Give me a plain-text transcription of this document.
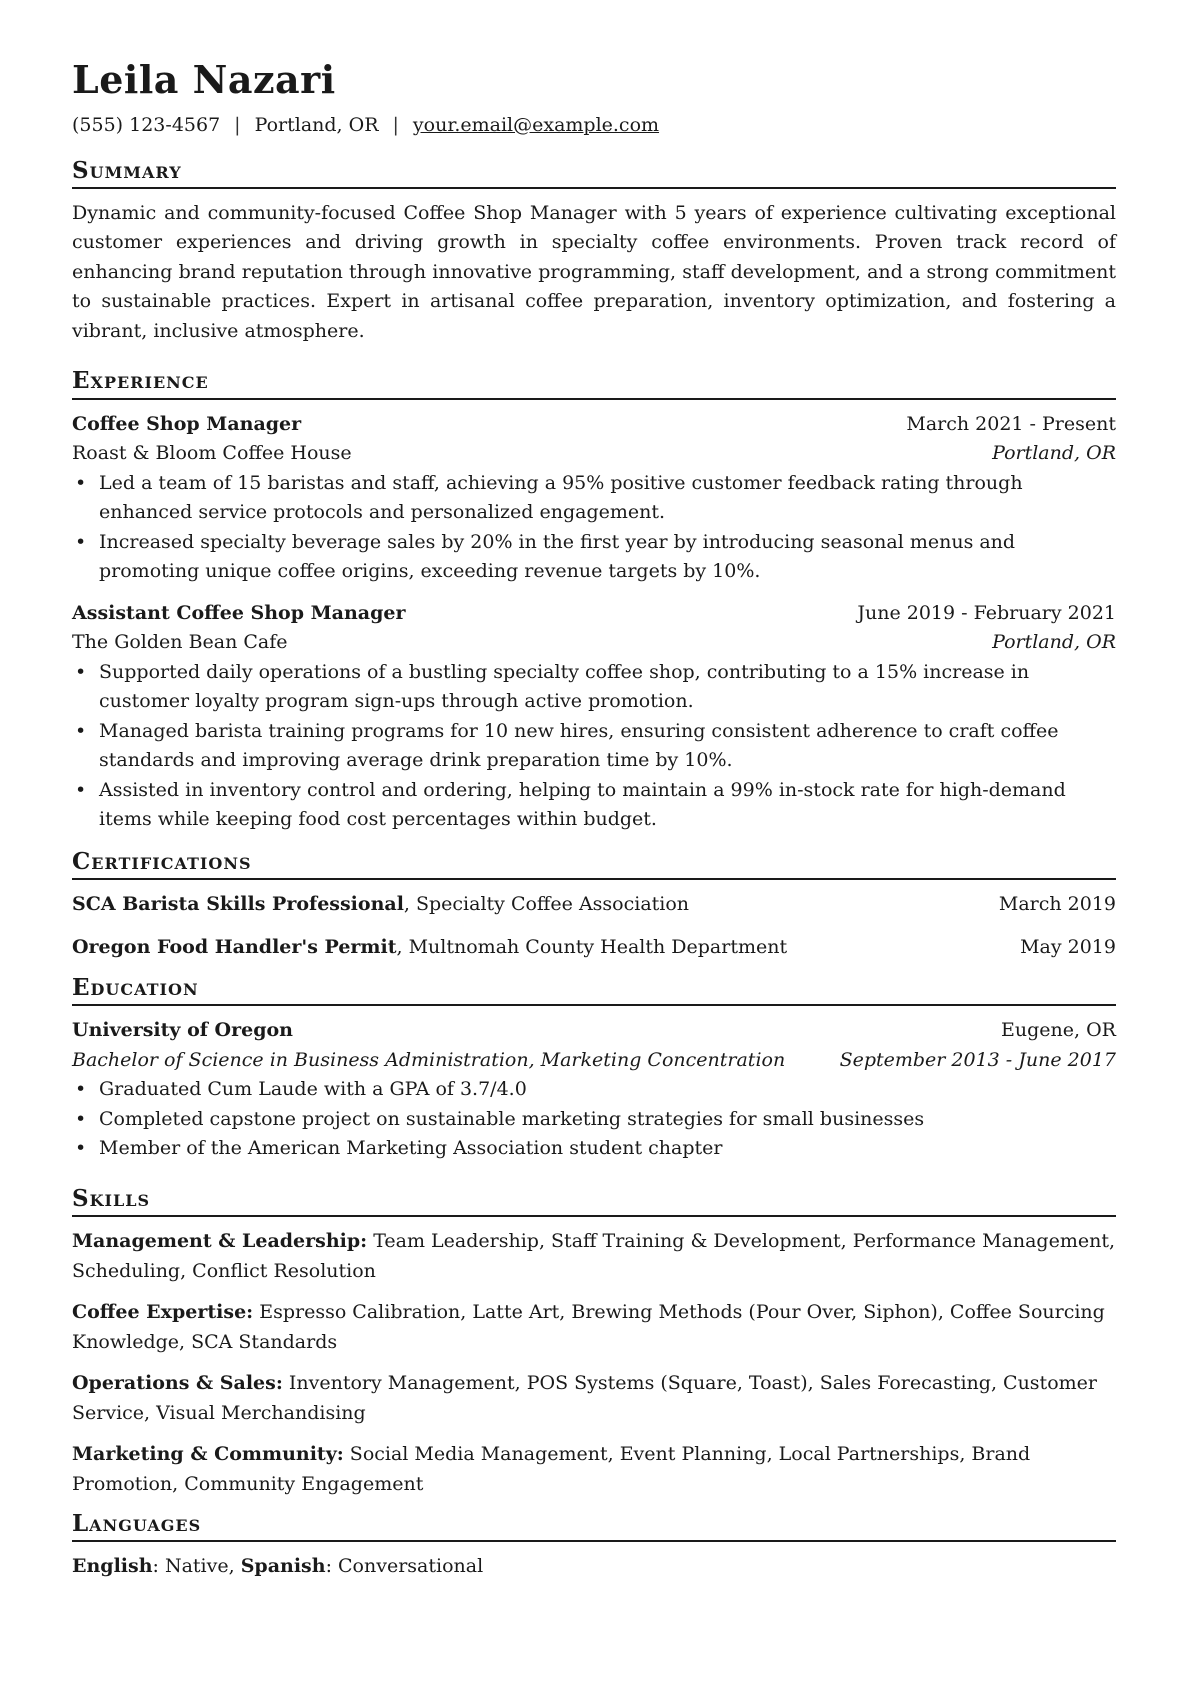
Leila Nazari
(555) 123-4567 | Portland, OR | your.email@example.com
Summary

Dynamic and community-focused Coffee Shop Manager with 5 years of experience cultivating exceptional customer experiences and driving growth in specialty coffee environments. Proven track record of enhancing brand reputation through innovative programming, staff development, and a strong commitment to sustainable practices. Expert in artisanal coffee preparation, inventory optimization, and fostering a vibrant, inclusive atmosphere.

Experience
Coffee Shop Manager	March 2021 - Present
Roast & Bloom Coffee House	Portland, OR
• Led a team of 15 baristas and staff, achieving a 95% positive customer feedback rating through enhanced service protocols and personalized engagement.
• Increased specialty beverage sales by 20% in the first year by introducing seasonal menus and promoting unique coffee origins, exceeding revenue targets by 10%.
Assistant Coffee Shop Manager	June 2019 - February 2021
The Golden Bean Cafe	Portland, OR
• Supported daily operations of a bustling specialty coffee shop, contributing to a 15% increase in customer loyalty program sign-ups through active promotion.
• Managed barista training programs for 10 new hires, ensuring consistent adherence to craft coffee standards and improving average drink preparation time by 10%.
• Assisted in inventory control and ordering, helping to maintain a 99% in-stock rate for high-demand items while keeping food cost percentages within budget.
Certifications
SCA Barista Skills Professional, Specialty Coffee Association	March 2019
Oregon Food Handler's Permit, Multnomah County Health Department	May 2019
Education
University of Oregon	Eugene, OR
Bachelor of Science in Business Administration, Marketing Concentration	September 2013 - June 2017
• Graduated Cum Laude with a GPA of 3.7/4.0
• Completed capstone project on sustainable marketing strategies for small businesses
• Member of the American Marketing Association student chapter
Skills

Management & Leadership: Team Leadership, Staff Training & Development, Performance Management, Scheduling, Conflict Resolution

Coffee Expertise: Espresso Calibration, Latte Art, Brewing Methods (Pour Over, Siphon), Coffee Sourcing Knowledge, SCA Standards

Operations & Sales: Inventory Management, POS Systems (Square, Toast), Sales Forecasting, Customer Service, Visual Merchandising

Marketing & Community: Social Media Management, Event Planning, Local Partnerships, Brand Promotion, Community Engagement

Languages

English: Native, Spanish: Conversational
